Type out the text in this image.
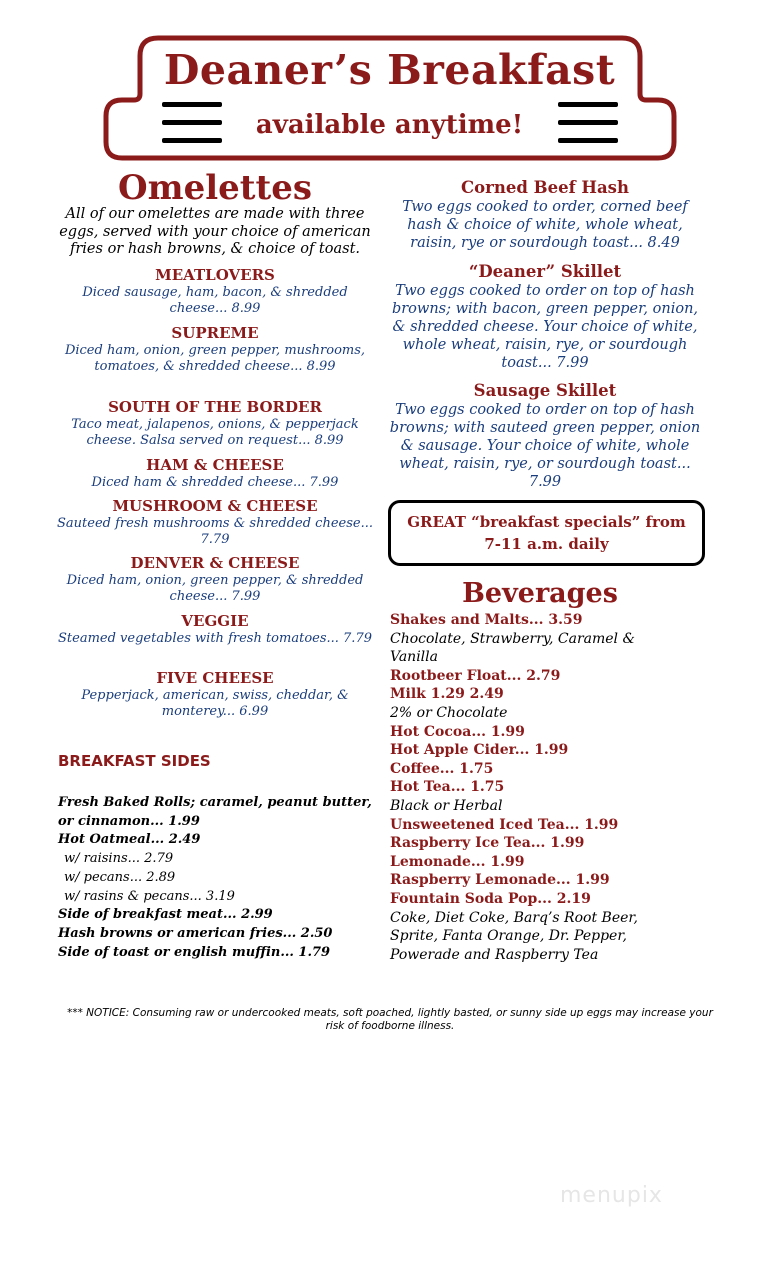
Deaner’s Breakfast
available anytime!
Omelettes
All of our omelettes are made with three eggs, served with your choice of american fries or hash browns, & choice of toast.
MEATLOVERS
Diced sausage, ham, bacon, & shredded cheese... 8.99
SUPREME
Diced ham, onion, green pepper, mushrooms, tomatoes, & shredded cheese... 8.99
SOUTH OF THE BORDER
Taco meat, jalapenos, onions, & pepperjack cheese. Salsa served on request... 8.99
HAM & CHEESE
Diced ham & shredded cheese... 7.99
MUSHROOM & CHEESE
Sauteed fresh mushrooms & shredded cheese... 7.79
DENVER & CHEESE
Diced ham, onion, green pepper, & shredded cheese... 7.99
VEGGIE
Steamed vegetables with fresh tomatoes... 7.79
FIVE CHEESE
Pepperjack, american, swiss, cheddar, & monterey... 6.99
Corned Beef Hash
Two eggs cooked to order, corned beef hash & choice of white, whole wheat, raisin, rye or sourdough toast... 8.49
“Deaner” Skillet
Two eggs cooked to order on top of hash browns; with bacon, green pepper, onion, & shredded cheese. Your choice of white, whole wheat, raisin, rye, or sourdough toast... 7.99
Sausage Skillet
Two eggs cooked to order on top of hash browns; with sauteed green pepper, onion & sausage. Your choice of white, whole wheat, raisin, rye, or sourdough toast... 7.99
GREAT “breakfast specials” from 7-11 a.m. daily
Beverages
Shakes and Malts... 3.59
Chocolate, Strawberry, Caramel &
Vanilla
Rootbeer Float... 2.79
Milk 1.29 2.49
2% or Chocolate
Hot Cocoa... 1.99
Hot Apple Cider... 1.99
Coffee... 1.75
Hot Tea... 1.75
Black or Herbal
Unsweetened Iced Tea... 1.99
Raspberry Ice Tea... 1.99
Lemonade... 1.99
Raspberry Lemonade... 1.99
Fountain Soda Pop... 2.19
Coke, Diet Coke, Barq’s Root Beer,
Sprite, Fanta Orange, Dr. Pepper,
Powerade and Raspberry Tea
BREAKFAST SIDES
Fresh Baked Rolls; caramel, peanut butter,
or cinnamon... 1.99
Hot Oatmeal... 2.49
w/ raisins... 2.79
w/ pecans... 2.89
w/ rasins & pecans... 3.19
Side of breakfast meat... 2.99
Hash browns or american fries... 2.50
Side of toast or english muffin... 1.79
*** NOTICE: Consuming raw or undercooked meats, soft poached, lightly basted, or sunny side up eggs may increase your risk of foodborne illness.
menupix
